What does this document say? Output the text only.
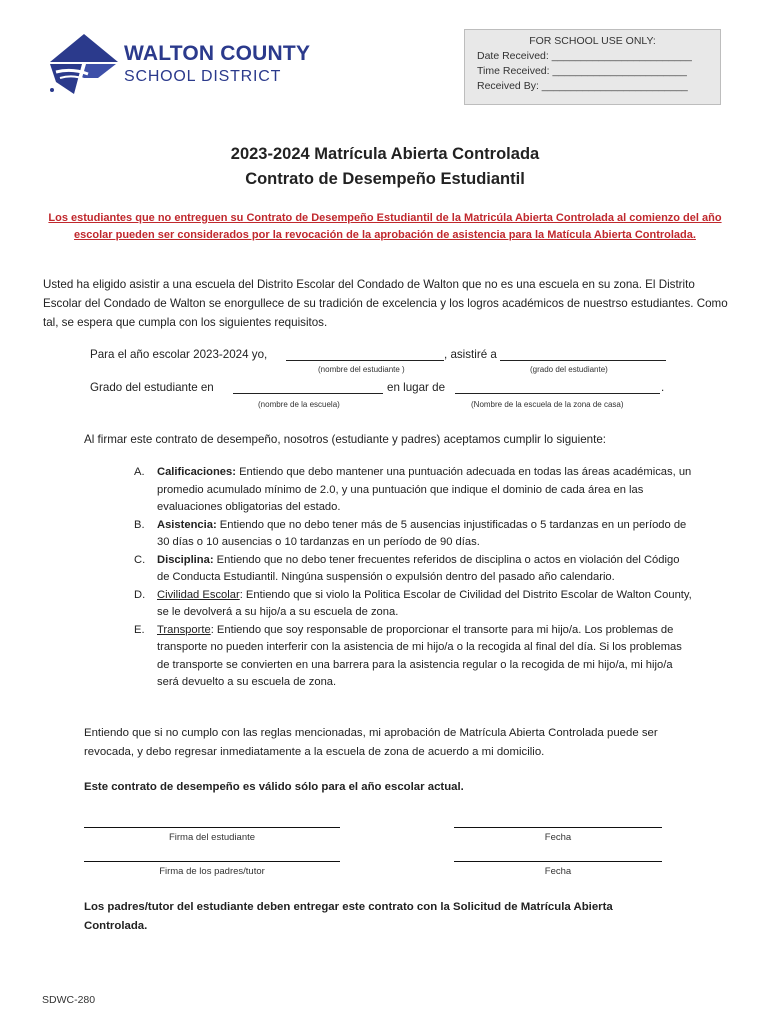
WALTON COUNTY
SCHOOL DISTRICT
FOR SCHOOL USE ONLY:
Date Received: ________________________
Time Received: _______________________
Received By: _________________________
2023-2024 Matrícula Abierta Controlada
Contrato de Desempeño Estudiantil
Los estudiantes que no entreguen su Contrato de Desempeño Estudiantil de la Matricúla Abierta Controlada al comienzo del año escolar pueden ser considerados por la revocación de la aprobación de asistencia para la Matícula Abierta Controlada.
Usted ha eligido asistir a una escuela del Distrito Escolar del Condado de Walton que no es una escuela en su zona. El Distrito Escolar del Condado de Walton se enorgullece de su tradición de excelencia y los logros académicos de nuestrso estudiantes. Como tal, se espera que cumpla con los siguientes requisitos.
Para el año escolar 2023-2024 yo,	, asistiré a
(nombre del estudiante )	(grado del estudiante)
Grado del estudiante en	en lugar de	.
(nombre de la escuela)	(Nombre de la escuela de la zona de casa)
Al firmar este contrato de desempeño, nosotros (estudiante y padres) aceptamos cumplir lo siguiente:
A. Calificaciones: Entiendo que debo mantener una puntuación adecuada en todas las áreas académicas, un promedio acumulado mínimo de 2.0, y una puntuación que indique el dominio de cada área en las evaluaciones obligatorias del estado.
B. Asistencia: Entiendo que no debo tener más de 5 ausencias injustificadas o 5 tardanzas en un período de 30 días o 10 ausencias o 10 tardanzas en un período de 90 días.
C. Disciplina: Entiendo que no debo tener frecuentes referidos de disciplina o actos en violación del Código de Conducta Estudiantil. Ningúna suspensión o expulsión dentro del pasado año calendario.
D. Civilidad Escolar: Entiendo que si violo la Politica Escolar de Civilidad del Distrito Escolar de Walton County, se le devolverá a su hijo/a a su escuela de zona.
E. Transporte: Entiendo que soy responsable de proporcionar el transorte para mi hijo/a. Los problemas de transporte no pueden interferir con la asistencia de mi hijo/a o la recogida al final del día. Si los problemas de transporte se convierten en una barrera para la asistencia regular o la recogida de mi hijo/a, mi hijo/a será devuelto a su escuela de zona.
Entiendo que si no cumplo con las reglas mencionadas, mi aprobación de Matrícula Abierta Controlada puede ser revocada, y debo regresar inmediatamente a la escuela de zona de acuerdo a mi domicilio.
Este contrato de desempeño es válido sólo para el año escolar actual.
Firma del estudiante	Fecha
Firma de los padres/tutor	Fecha
Los padres/tutor del estudiante deben entregar este contrato con la Solicitud de Matrícula Abierta Controlada.
SDWC-280
